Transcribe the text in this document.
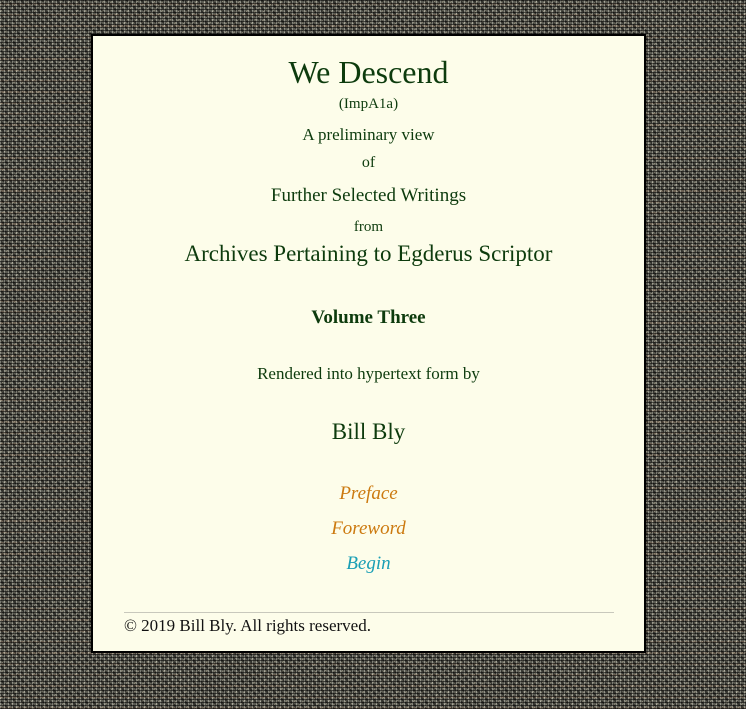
We Descend
(ImpA1a)
A preliminary view
of
Further Selected Writings
from
Archives Pertaining to Egderus Scriptor
Volume Three
Rendered into hypertext form by
Bill Bly
Preface
Foreword
Begin
© 2019 Bill Bly. All rights reserved.
